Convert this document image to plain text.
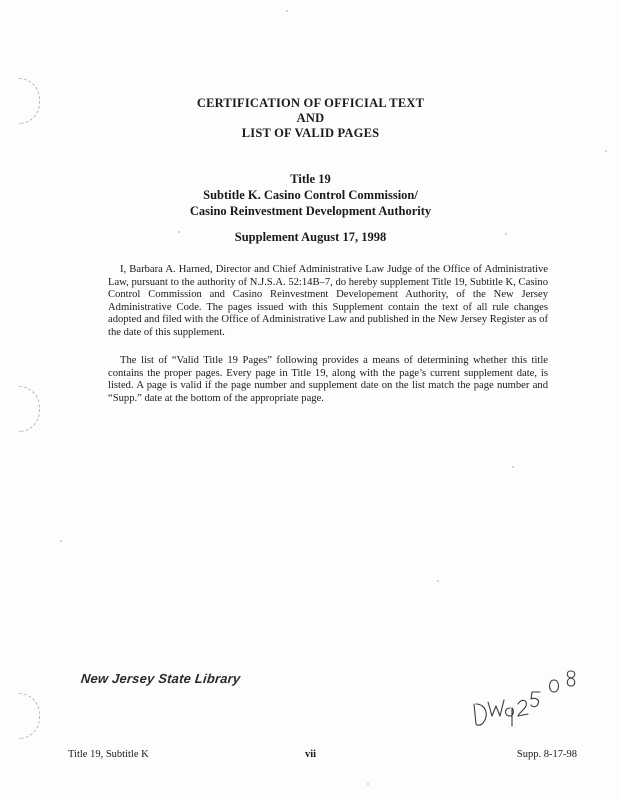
CERTIFICATION OF OFFICIAL TEXT
AND
LIST OF VALID PAGES
Title 19
Subtitle K. Casino Control Commission/
Casino Reinvestment Development Authority
Supplement August 17, 1998
I, Barbara A. Harned, Director and Chief Administrative Law Judge of the Office of Administrative Law, pursuant to the authority of N.J.S.A. 52:14B–7, do hereby supplement Title 19, Subtitle K, Casino Control Commission and Casino Reinvestment Developement Authority, of the New Jersey Administrative Code. The pages issued with this Supplement contain the text of all rule changes adopted and filed with the Office of Administrative Law and published in the New Jersey Register as of the date of this supplement.
The list of “Valid Title 19 Pages” following provides a means of determining whether this title contains the proper pages. Every page in Title 19, along with the page’s current supplement date, is listed. A page is valid if the page number and supplement date on the list match the page number and “Supp.” date at the bottom of the appropriate page.
New Jersey State Library
Title 19, Subtitle K	vii	Supp. 8-17-98
